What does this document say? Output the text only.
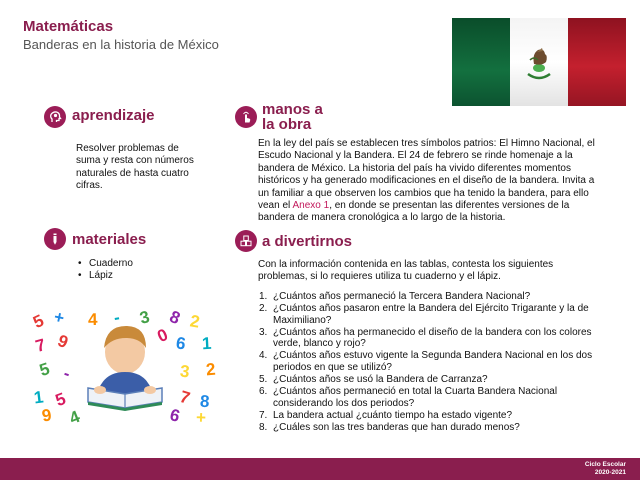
Matemáticas
Banderas en la historia de México
aprendizaje
Resolver problemas de suma y resta con números naturales de hasta cuatro cifras.
materiales
• Cuaderno
• Lápiz
manos a
la obra
En la ley del país se establecen tres símbolos patrios: El Himno Nacional, el Escudo Nacional y la Bandera. El 24 de febrero se rinde homenaje a la bandera de México. La historia del país ha vivido diferentes momentos históricos y ha generado modificaciones en el diseño de la bandera. Invita a un familiar a que observen los cambios que ha tenido la bandera, para ello vean el Anexo 1, en donde se presentan las diferentes versiones de la bandera de manera cronológica a lo largo de la historia.
a divertirnos
Con la información contenida en las tablas, contesta los siguientes problemas, si lo requieres utiliza tu cuaderno y el lápiz.
1. ¿Cuántos años permaneció la Tercera Bandera Nacional?
2. ¿Cuántos años pasaron entre la Bandera del Ejército Trigarante y la de Maximiliano?
3. ¿Cuántos años ha permanecido el diseño de la bandera con los colores verde, blanco y rojo?
4. ¿Cuántos años estuvo vigente la Segunda Bandera Nacional en los dos periodos en que se utilizó?
5. ¿Cuántos años se usó la Bandera de Carranza?
6. ¿Cuántos años permaneció en total la Cuarta Bandera Nacional considerando los dos periodos?
7. La bandera actual ¿cuánto tiempo ha estado vigente?
8. ¿Cuáles son las tres banderas que han durado menos?
5 + 4 3 8 2
1
7 9	6
2
5 -	3
1 5	7 8
9 4	6 +
-
0
Ciclo Escolar
2020-2021
